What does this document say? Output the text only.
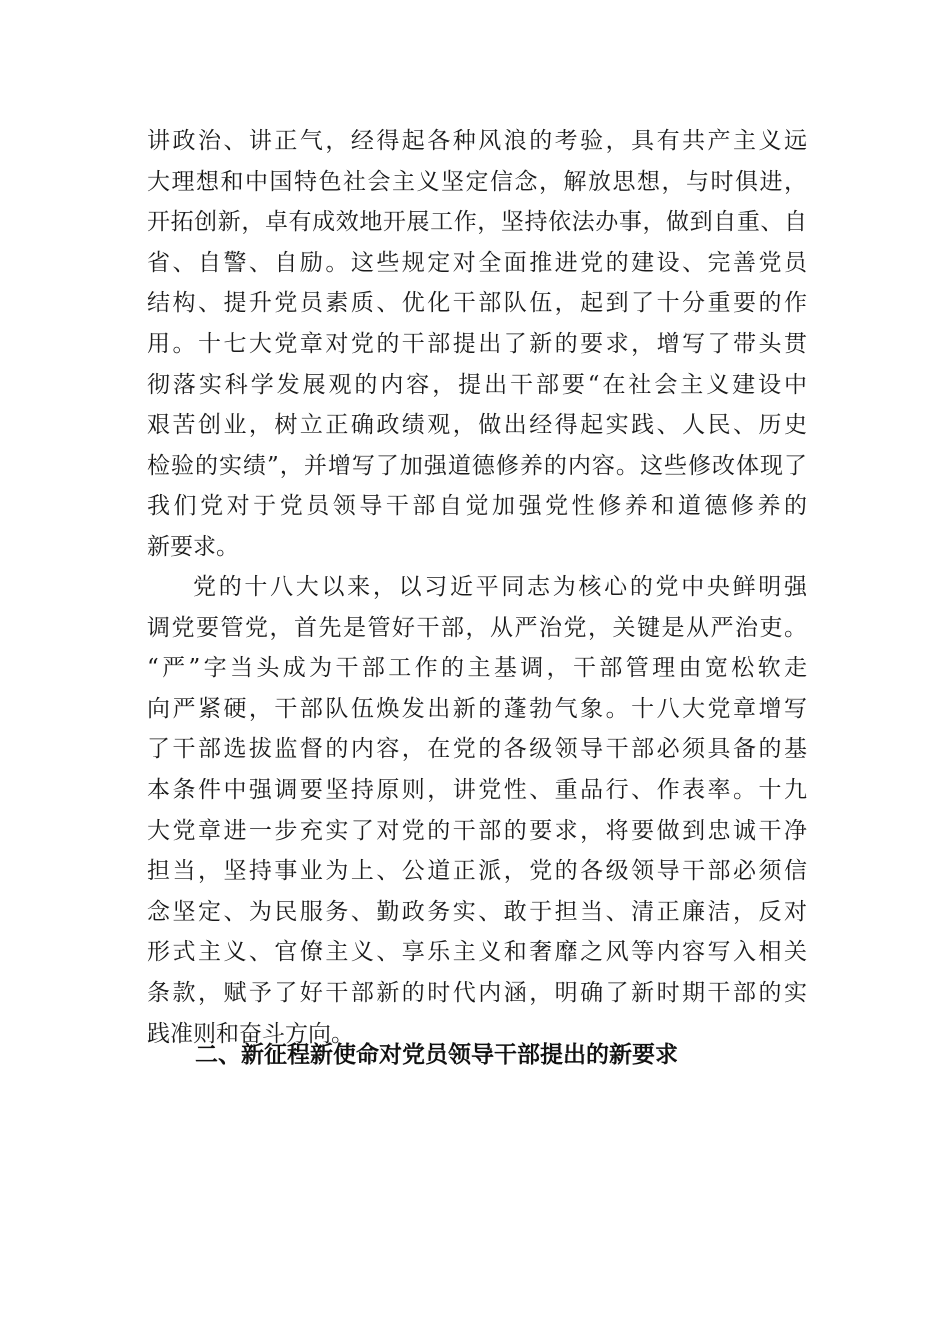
讲政治、讲正气，经得起各种风浪的考验，具有共产主义远
大理想和中国特色社会主义坚定信念，解放思想，与时俱进，
开拓创新，卓有成效地开展工作，坚持依法办事，做到自重、自
省、自警、自励。这些规定对全面推进党的建设、完善党员
结构、提升党员素质、优化干部队伍，起到了十分重要的作
用。十七大党章对党的干部提出了新的要求，增写了带头贯
彻落实科学发展观的内容，提出干部要“在社会主义建设中
艰苦创业，树立正确政绩观，做出经得起实践、人民、历史
检验的实绩”，并增写了加强道德修养的内容。这些修改体现了
我们党对于党员领导干部自觉加强党性修养和道德修养的
新要求。
党的十八大以来，以习近平同志为核心的党中央鲜明强
调党要管党，首先是管好干部，从严治党，关键是从严治吏。
“严”字当头成为干部工作的主基调，干部管理由宽松软走
向严紧硬，干部队伍焕发出新的蓬勃气象。十八大党章增写
了干部选拔监督的内容，在党的各级领导干部必须具备的基
本条件中强调要坚持原则，讲党性、重品行、作表率。十九
大党章进一步充实了对党的干部的要求，将要做到忠诚干净
担当，坚持事业为上、公道正派，党的各级领导干部必须信
念坚定、为民服务、勤政务实、敢于担当、清正廉洁，反对
形式主义、官僚主义、享乐主义和奢靡之风等内容写入相关
条款，赋予了好干部新的时代内涵，明确了新时期干部的实
践准则和奋斗方向。
二、新征程新使命对党员领导干部提出的新要求
